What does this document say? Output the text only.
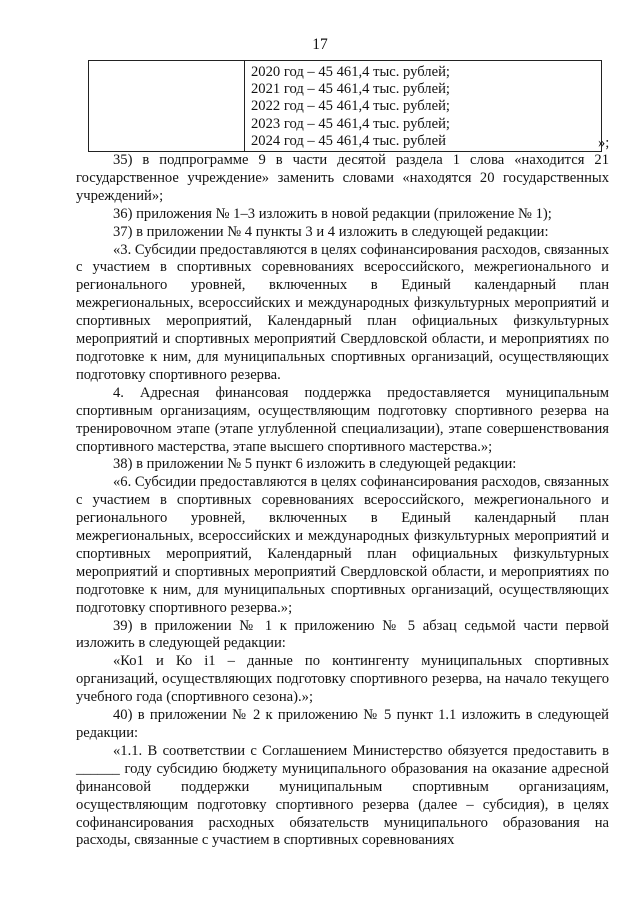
17
2020 год – 45 461,4 тыс. рублей;
2021 год – 45 461,4 тыс. рублей;
2022 год – 45 461,4 тыс. рублей;
2023 год – 45 461,4 тыс. рублей;
2024 год – 45 461,4 тыс. рублей	»;

35) в подпрограмме 9 в части десятой раздела 1 слова «находится 21 государственное учреждение» заменить словами «находятся 20 государственных учреждений»;

36) приложения № 1–3 изложить в новой редакции (приложение № 1);

37) в приложении № 4 пункты 3 и 4 изложить в следующей редакции:

«3. Субсидии предоставляются в целях софинансирования расходов, связанных с участием в спортивных соревнованиях всероссийского, межрегионального и регионального уровней, включенных в Единый календарный план межрегиональных, всероссийских и международных физкультурных мероприятий и спортивных мероприятий, Календарный план официальных физкультурных мероприятий и спортивных мероприятий Свердловской области, и мероприятиях по подготовке к ним, для муниципальных спортивных организаций, осуществляющих подготовку спортивного резерва.

4. Адресная финансовая поддержка предоставляется муниципальным спортивным организациям, осуществляющим подготовку спортивного резерва на тренировочном этапе (этапе углубленной специализации), этапе совершенствования спортивного мастерства, этапе высшего спортивного мастерства.»;

38) в приложении № 5 пункт 6 изложить в следующей редакции:

«6. Субсидии предоставляются в целях софинансирования расходов, связанных с участием в спортивных соревнованиях всероссийского, межрегионального и регионального уровней, включенных в Единый календарный план межрегиональных, всероссийских и международных физкультурных мероприятий и спортивных мероприятий, Календарный план официальных физкультурных мероприятий и спортивных мероприятий Свердловской области, и мероприятиях по подготовке к ним, для муниципальных спортивных организаций, осуществляющих подготовку спортивного резерва.»;

39) в приложении № 1 к приложению № 5 абзац седьмой части первой изложить в следующей редакции:

«Ко1 и Ко i1 – данные по контингенту муниципальных спортивных организаций, осуществляющих подготовку спортивного резерва, на начало текущего учебного года (спортивного сезона).»;

40) в приложении № 2 к приложению № 5 пункт 1.1 изложить в следующей редакции:

«1.1. В соответствии с Соглашением Министерство обязуется предоставить в ______ году субсидию бюджету муниципального образования на оказание адресной финансовой поддержки муниципальным спортивным организациям, осуществляющим подготовку спортивного резерва (далее – субсидия), в целях софинансирования расходных обязательств муниципального образования на расходы, связанные с участием в спортивных соревнованиях
